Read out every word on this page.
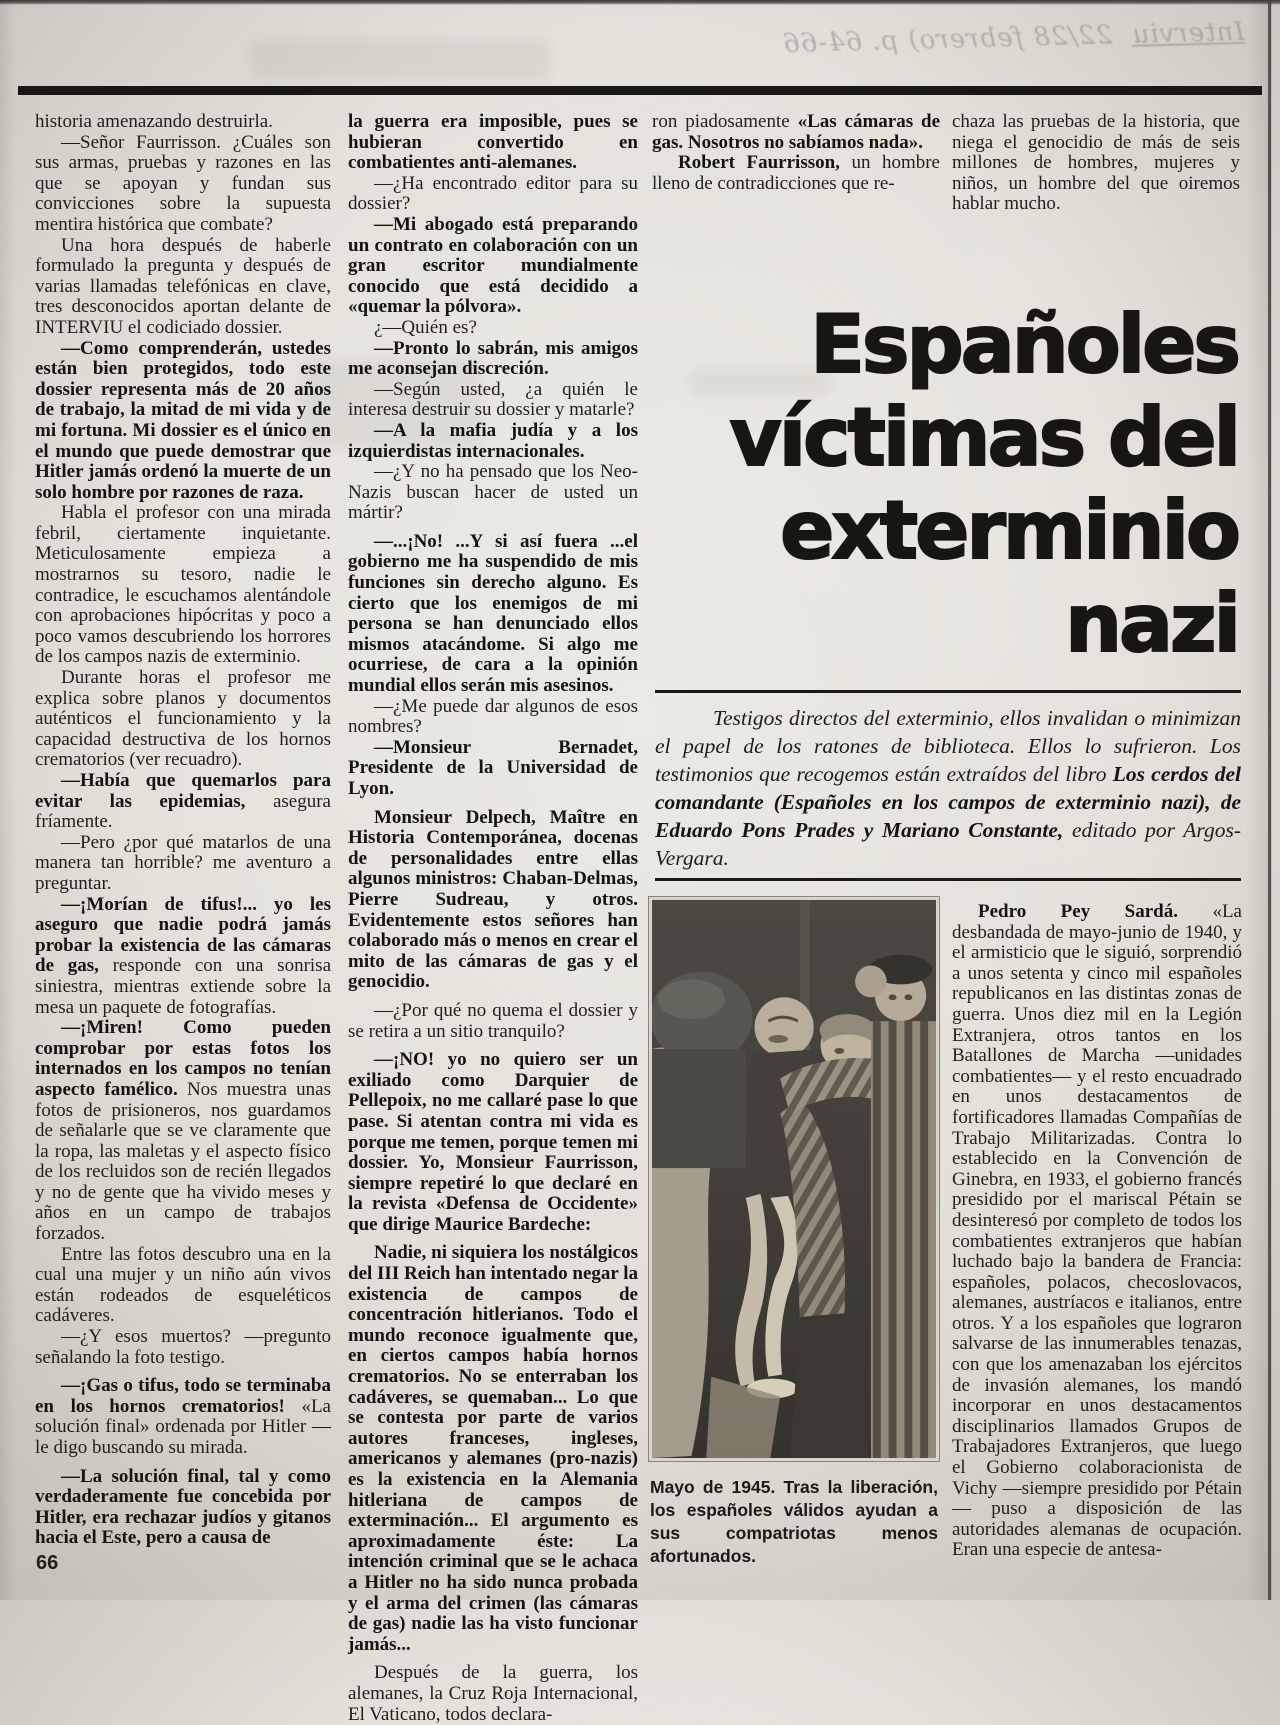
Interviu 22/28 febrero) p. 64-66

historia amenazando destruirla.

—Señor Faurrisson. ¿Cuáles son sus armas, pruebas y razones en las que se apoyan y fundan sus convicciones sobre la supuesta mentira histórica que combate?

Una hora después de haberle formulado la pregunta y después de varias llamadas telefónicas en clave, tres desconocidos aportan delante de INTERVIU el codiciado dossier.

—Como comprenderán, ustedes están bien protegidos, todo este dossier representa más de 20 años de trabajo, la mitad de mi vida y de mi fortuna. Mi dossier es el único en el mundo que puede demostrar que Hitler jamás ordenó la muerte de un solo hombre por razones de raza.

Habla el profesor con una mirada febril, ciertamente inquietante. Meticulosamente empieza a mostrarnos su tesoro, nadie le contradice, le escuchamos alentándole con aprobaciones hipócritas y poco a poco vamos descubriendo los horrores de los campos nazis de exterminio.

Durante horas el profesor me explica sobre planos y documentos auténticos el funcionamiento y la capacidad destructiva de los hornos crematorios (ver recuadro).

—Había que quemarlos para evitar las epidemias, asegura fríamente.

—Pero ¿por qué matarlos de una manera tan horrible? me aventuro a preguntar.

—¡Morían de tifus!... yo les aseguro que nadie podrá jamás probar la existencia de las cámaras de gas, responde con una sonrisa siniestra, mientras extiende sobre la mesa un paquete de fotografías.

—¡Miren! Como pueden comprobar por estas fotos los internados en los campos no tenían aspecto famélico. Nos muestra unas fotos de prisioneros, nos guardamos de señalarle que se ve claramente que la ropa, las maletas y el aspecto físico de los recluidos son de recién llegados y no de gente que ha vivido meses y años en un campo de trabajos forzados.

Entre las fotos descubro una en la cual una mujer y un niño aún vivos están rodeados de esqueléticos cadáveres.

—¿Y esos muertos? —pregunto señalando la foto testigo.

—¡Gas o tifus, todo se terminaba en los hornos crematorios! «La solución final» ordenada por Hitler —le digo buscando su mirada.

—La solución final, tal y como verdaderamente fue concebida por Hitler, era rechazar judíos y gitanos hacia el Este, pero a causa de

la guerra era imposible, pues se hubieran convertido en combatientes anti-alemanes.

—¿Ha encontrado editor para su dossier?

—Mi abogado está preparando un contrato en colaboración con un gran escritor mundialmente conocido que está decidido a «quemar la pólvora».

¿—Quién es?

—Pronto lo sabrán, mis amigos me aconsejan discreción.

—Según usted, ¿a quién le interesa destruir su dossier y matarle?

—A la mafia judía y a los izquierdistas internacionales.

—¿Y no ha pensado que los Neo-Nazis buscan hacer de usted un mártir?

—...¡No! ...Y si así fuera ...el gobierno me ha suspendido de mis funciones sin derecho alguno. Es cierto que los enemigos de mi persona se han denunciado ellos mismos atacándome. Si algo me ocurriese, de cara a la opinión mundial ellos serán mis asesinos.

—¿Me puede dar algunos de esos nombres?

—Monsieur Bernadet, Presidente de la Universidad de Lyon.

Monsieur Delpech, Maître en Historia Contemporánea, docenas de personalidades entre ellas algunos ministros: Chaban-Delmas, Pierre Sudreau, y otros. Evidentemente estos señores han colaborado más o menos en crear el mito de las cámaras de gas y el genocidio.

—¿Por qué no quema el dossier y se retira a un sitio tranquilo?

—¡NO! yo no quiero ser un exiliado como Darquier de Pellepoix, no me callaré pase lo que pase. Si atentan contra mi vida es porque me temen, porque temen mi dossier. Yo, Monsieur Faurrisson, siempre repetiré lo que declaré en la revista «Defensa de Occidente» que dirige Maurice Bardeche:

Nadie, ni siquiera los nostálgicos del III Reich han intentado negar la existencia de campos de concentración hitlerianos. Todo el mundo reconoce igualmente que, en ciertos campos había hornos crematorios. No se enterraban los cadáveres, se quemaban... Lo que se contesta por parte de varios autores franceses, ingleses, americanos y alemanes (pro-nazis) es la existencia en la Alemania hitleriana de campos de exterminación... El argumento es aproximadamente éste: La intención criminal que se le achaca a Hitler no ha sido nunca probada y el arma del crimen (las cámaras de gas) nadie las ha visto funcionar jamás...

Después de la guerra, los alemanes, la Cruz Roja Internacional, El Vaticano, todos declara-

ron piadosamente «Las cámaras de gas. Nosotros no sabíamos nada».

Robert Faurrisson, un hombre lleno de contradicciones que re-

chaza las pruebas de la historia, que niega el genocidio de más de seis millones de hombres, mujeres y niños, un hombre del que oiremos hablar mucho.

Pedro Pey Sardá. «La desbandada de mayo-junio de 1940, y el armisticio que le siguió, sorprendió a unos setenta y cinco mil españoles republicanos en las distintas zonas de guerra. Unos diez mil en la Legión Extranjera, otros tantos en los Batallones de Marcha —unidades combatientes— y el resto encuadrado en unos destacamentos de fortificadores llamadas Compañías de Trabajo Militarizadas. Contra lo establecido en la Convención de Ginebra, en 1933, el gobierno francés presidido por el mariscal Pétain se desinteresó por completo de todos los combatientes extranjeros que habían luchado bajo la bandera de Francia: españoles, polacos, checoslovacos, alemanes, austríacos e italianos, entre otros. Y a los españoles que lograron salvarse de las innumerables tenazas, con que los amenazaban los ejércitos de invasión alemanes, los mandó incorporar en unos destacamentos disciplinarios llamados Grupos de Trabajadores Extranjeros, que luego el Gobierno colaboracionista de Vichy —siempre presidido por Pétain— puso a disposición de las autoridades alemanas de ocupación. Eran una especie de antesa-

Españoles
víctimas del
exterminio
nazi
Testigos directos del exterminio, ellos invalidan o minimizan el papel de los ratones de biblioteca. Ellos lo sufrieron. Los testimonios que recogemos están extraídos del libro Los cerdos del comandante (Españoles en los campos de exterminio nazi), de Eduardo Pons Prades y Mariano Constante, editado por Argos-Vergara.
Mayo de 1945. Tras la liberación, los españoles válidos ayudan a sus compatriotas menos afortunados.
66
